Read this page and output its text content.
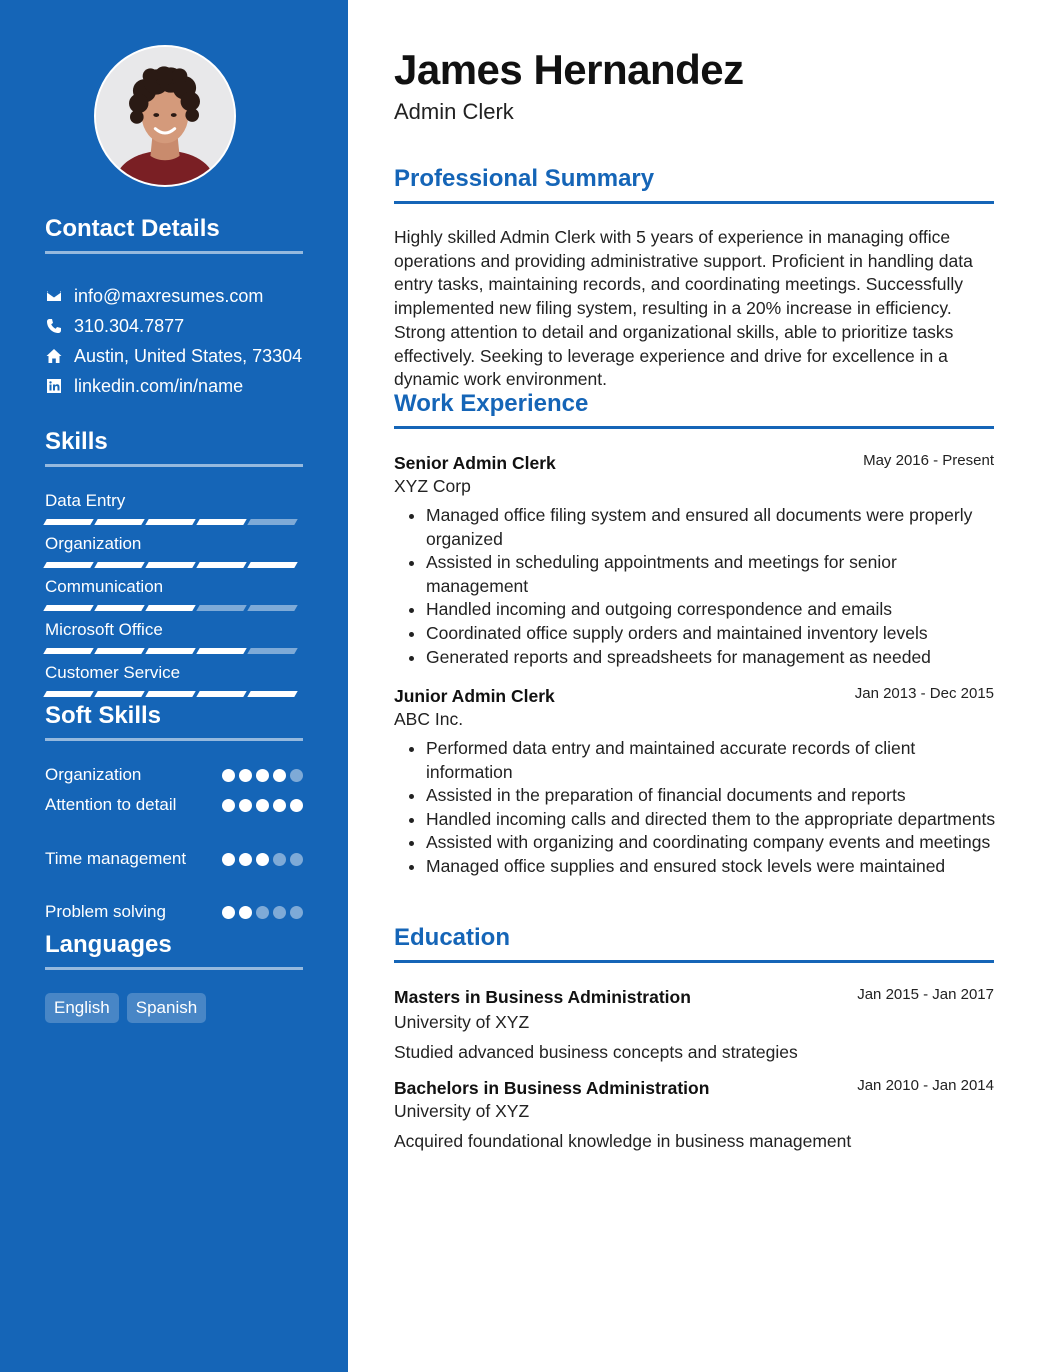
Contact Details
info@maxresumes.com
310.304.7877
Austin, United States, 73304
linkedin.com/in/name
Skills
Data Entry
Organization
Communication
Microsoft Office
Customer Service
Soft Skills
Organization
Attention to detail
Time management
Problem solving
Languages
English	Spanish
James Hernandez
Admin Clerk
Professional Summary

Highly skilled Admin Clerk with 5 years of experience in managing office operations and providing administrative support. Proficient in handling data entry tasks, maintaining records, and coordinating meetings. Successfully implemented new filing system, resulting in a 20% increase in efficiency. Strong attention to detail and organizational skills, able to prioritize tasks effectively. Seeking to leverage experience and drive for excellence in a dynamic work environment.

Work Experience
Senior Admin Clerk	May 2016 - Present
XYZ Corp
Managed office filing system and ensured all documents were properly organized
Assisted in scheduling appointments and meetings for senior management
Handled incoming and outgoing correspondence and emails
Coordinated office supply orders and maintained inventory levels
Generated reports and spreadsheets for management as needed
Junior Admin Clerk	Jan 2013 - Dec 2015
ABC Inc.
Performed data entry and maintained accurate records of client information
Assisted in the preparation of financial documents and reports
Handled incoming calls and directed them to the appropriate departments
Assisted with organizing and coordinating company events and meetings
Managed office supplies and ensured stock levels were maintained
Education
Masters in Business Administration	Jan 2015 - Jan 2017
University of XYZ
Studied advanced business concepts and strategies
Bachelors in Business Administration	Jan 2010 - Jan 2014
University of XYZ
Acquired foundational knowledge in business management
